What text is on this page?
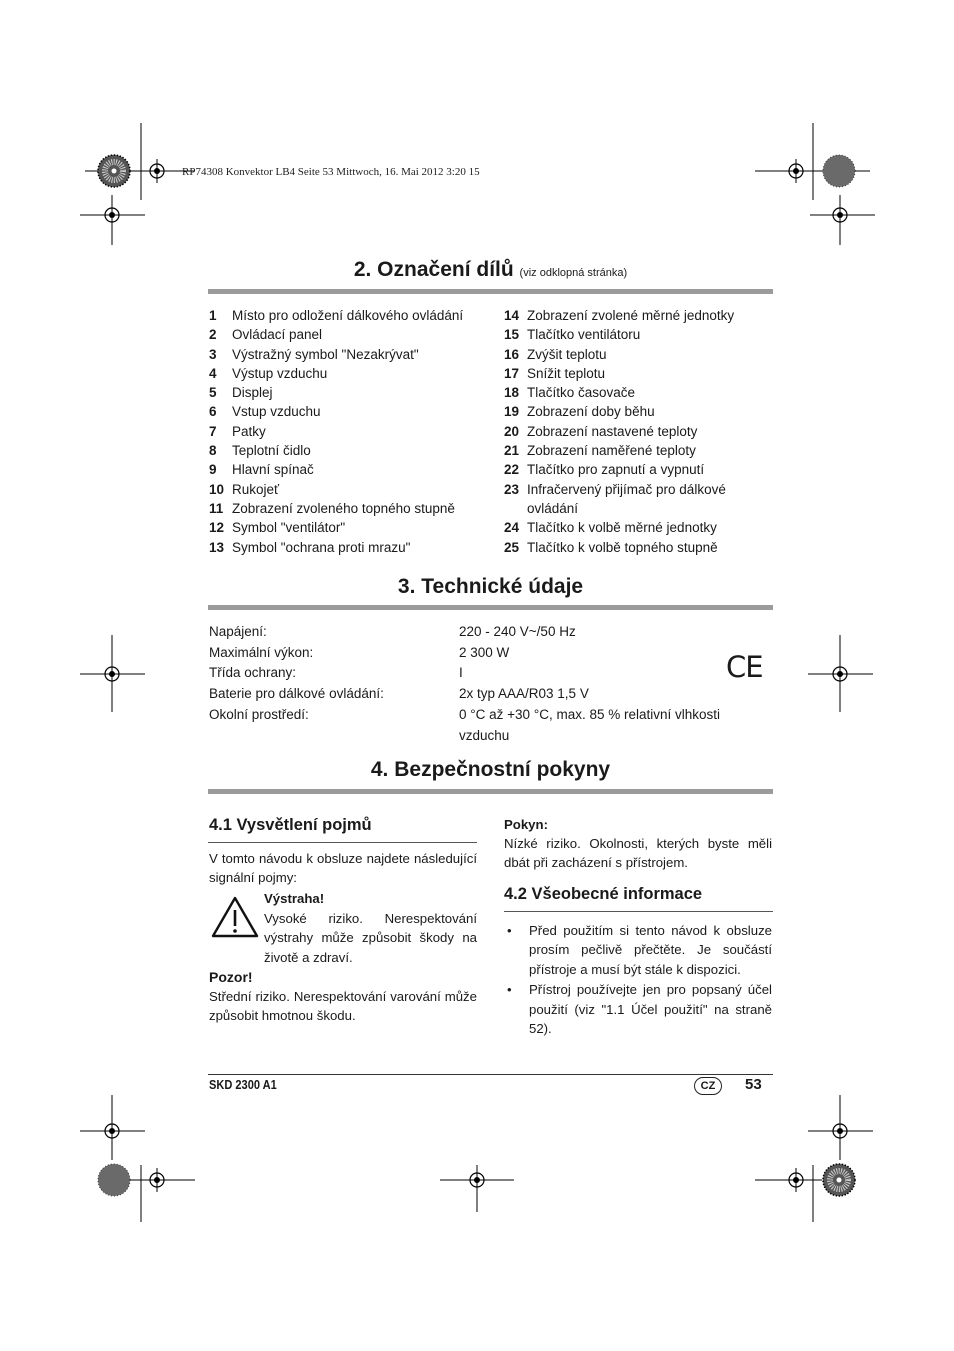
RP74308 Konvektor LB4 Seite 53 Mittwoch, 16. Mai 2012 3:20 15
2. Označení dílů (viz odklopná stránka)
1	Místo pro odložení dálkového ovládání
2	Ovládací panel
3	Výstražný symbol "Nezakrývat"
4	Výstup vzduchu
5	Displej
6	Vstup vzduchu
7	Patky
8	Teplotní čidlo
9	Hlavní spínač
10 Rukojeť
11 Zobrazení zvoleného topného stupně
12 Symbol "ventilátor"
13 Symbol "ochrana proti mrazu"
14 Zobrazení zvolené měrné jednotky
15 Tlačítko ventilátoru
16 Zvýšit teplotu
17 Snížit teplotu
18 Tlačítko časovače
19 Zobrazení doby běhu
20 Zobrazení nastavené teploty
21 Zobrazení naměřené teploty
22 Tlačítko pro zapnutí a vypnutí
23 Infračervený přijímač pro dálkové ovládání
24 Tlačítko k volbě měrné jednotky
25 Tlačítko k volbě topného stupně
3. Technické údaje
Napájení:	220 - 240 V~/50 Hz
Maximální výkon:	2 300 W
Třída ochrany:	I
Baterie pro dálkové ovládání:	2x typ AAA/R03 1,5 V
Okolní prostředí:	0 °C až +30 °C, max. 85 % relativní vlhkosti vzduchu
CE
4. Bezpečnostní pokyny
4.1 Vysvětlení pojmů
V tomto návodu k obsluze najdete následující signální pojmy:
Výstraha!
Vysoké riziko. Nerespektování výstrahy může způsobit škody na životě a zdraví.
Pozor!
Střední riziko. Nerespektování varování může způsobit hmotnou škodu.
Pokyn:
Nízké riziko. Okolnosti, kterých byste měli dbát při zacházení s přístrojem.
4.2 Všeobecné informace
•	Před použitím si tento návod k obsluze prosím pečlivě přečtěte. Je součástí přístroje a musí být stále k dispozici.
•	Přístroj používejte jen pro popsaný účel použití (viz "1.1 Účel použití" na straně 52).
SKD 2300 A1	CZ	53
